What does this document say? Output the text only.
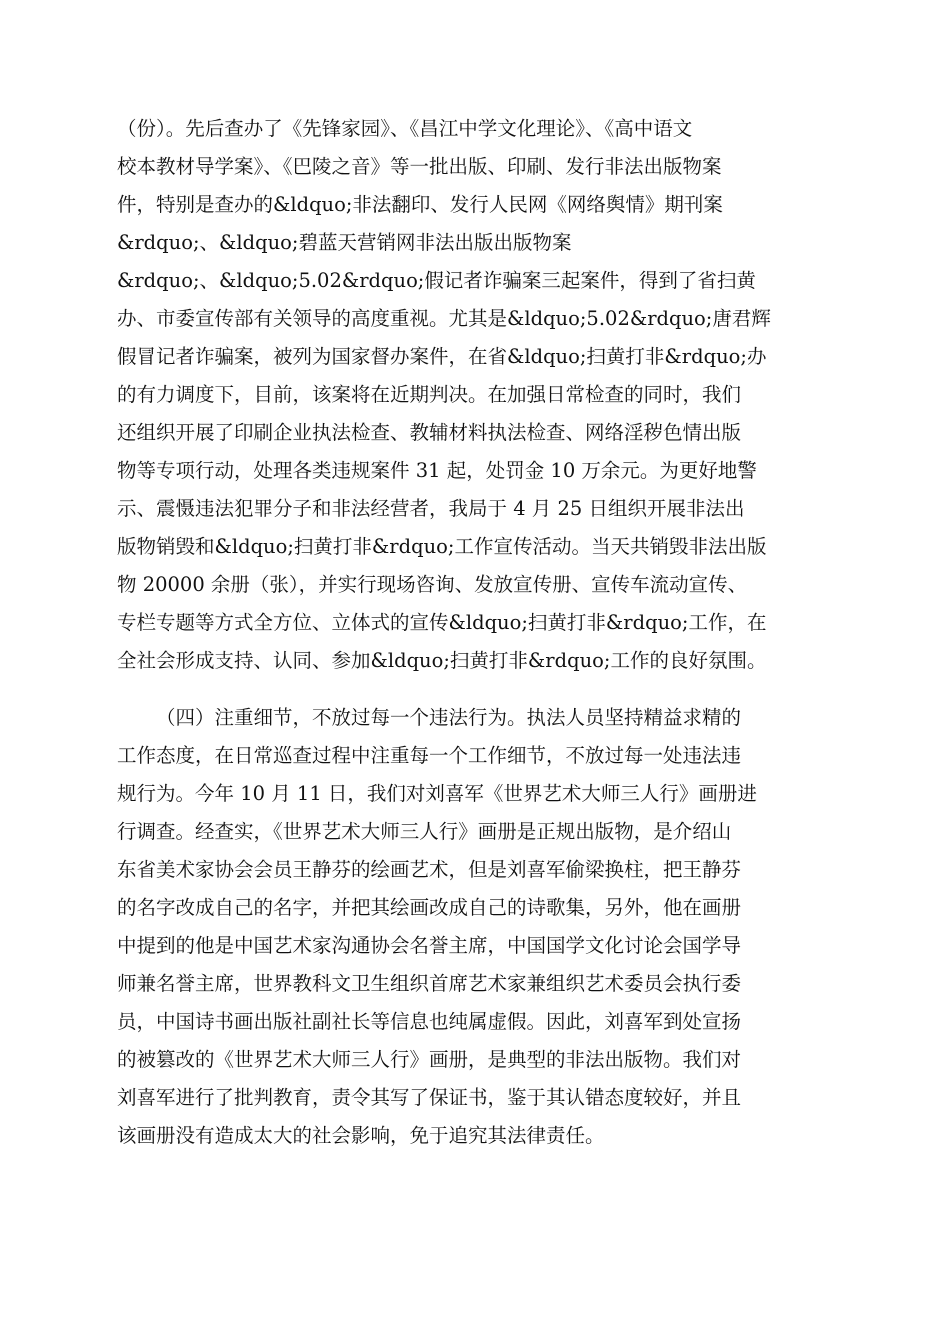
（份）。先后查办了《先锋家园》、《昌江中学文化理论》、《高中语文
校本教材导学案》、《巴陵之音》等一批出版、印刷、发行非法出版物案
件，特别是查办的&ldquo;非法翻印、发行人民网《网络舆情》期刊案
&rdquo;、&ldquo;碧蓝天营销网非法出版出版物案
&rdquo;、&ldquo;5.02&rdquo;假记者诈骗案三起案件，得到了省扫黄
办、市委宣传部有关领导的高度重视。尤其是&ldquo;5.02&rdquo;唐君辉
假冒记者诈骗案，被列为国家督办案件，在省&ldquo;扫黄打非&rdquo;办
的有力调度下，目前，该案将在近期判决。在加强日常检查的同时，我们
还组织开展了印刷企业执法检查、教辅材料执法检查、网络淫秽色情出版
物等专项行动，处理各类违规案件 31 起，处罚金 10 万余元。为更好地警
示、震慑违法犯罪分子和非法经营者，我局于 4 月 25 日组织开展非法出
版物销毁和&ldquo;扫黄打非&rdquo;工作宣传活动。当天共销毁非法出版
物 20000 余册（张），并实行现场咨询、发放宣传册、宣传车流动宣传、
专栏专题等方式全方位、立体式的宣传&ldquo;扫黄打非&rdquo;工作，在
全社会形成支持、认同、参加&ldquo;扫黄打非&rdquo;工作的良好氛围。
（四）注重细节，不放过每一个违法行为。执法人员坚持精益求精的
工作态度，在日常巡查过程中注重每一个工作细节，不放过每一处违法违
规行为。今年 10 月 11 日，我们对刘喜军《世界艺术大师三人行》画册进
行调查。经查实，《世界艺术大师三人行》画册是正规出版物，是介绍山
东省美术家协会会员王静芬的绘画艺术，但是刘喜军偷梁换柱，把王静芬
的名字改成自己的名字，并把其绘画改成自己的诗歌集，另外，他在画册
中提到的他是中国艺术家沟通协会名誉主席，中国国学文化讨论会国学导
师兼名誉主席，世界教科文卫生组织首席艺术家兼组织艺术委员会执行委
员，中国诗书画出版社副社长等信息也纯属虚假。因此，刘喜军到处宣扬
的被篡改的《世界艺术大师三人行》画册，是典型的非法出版物。我们对
刘喜军进行了批判教育，责令其写了保证书，鉴于其认错态度较好，并且
该画册没有造成太大的社会影响，免于追究其法律责任。
